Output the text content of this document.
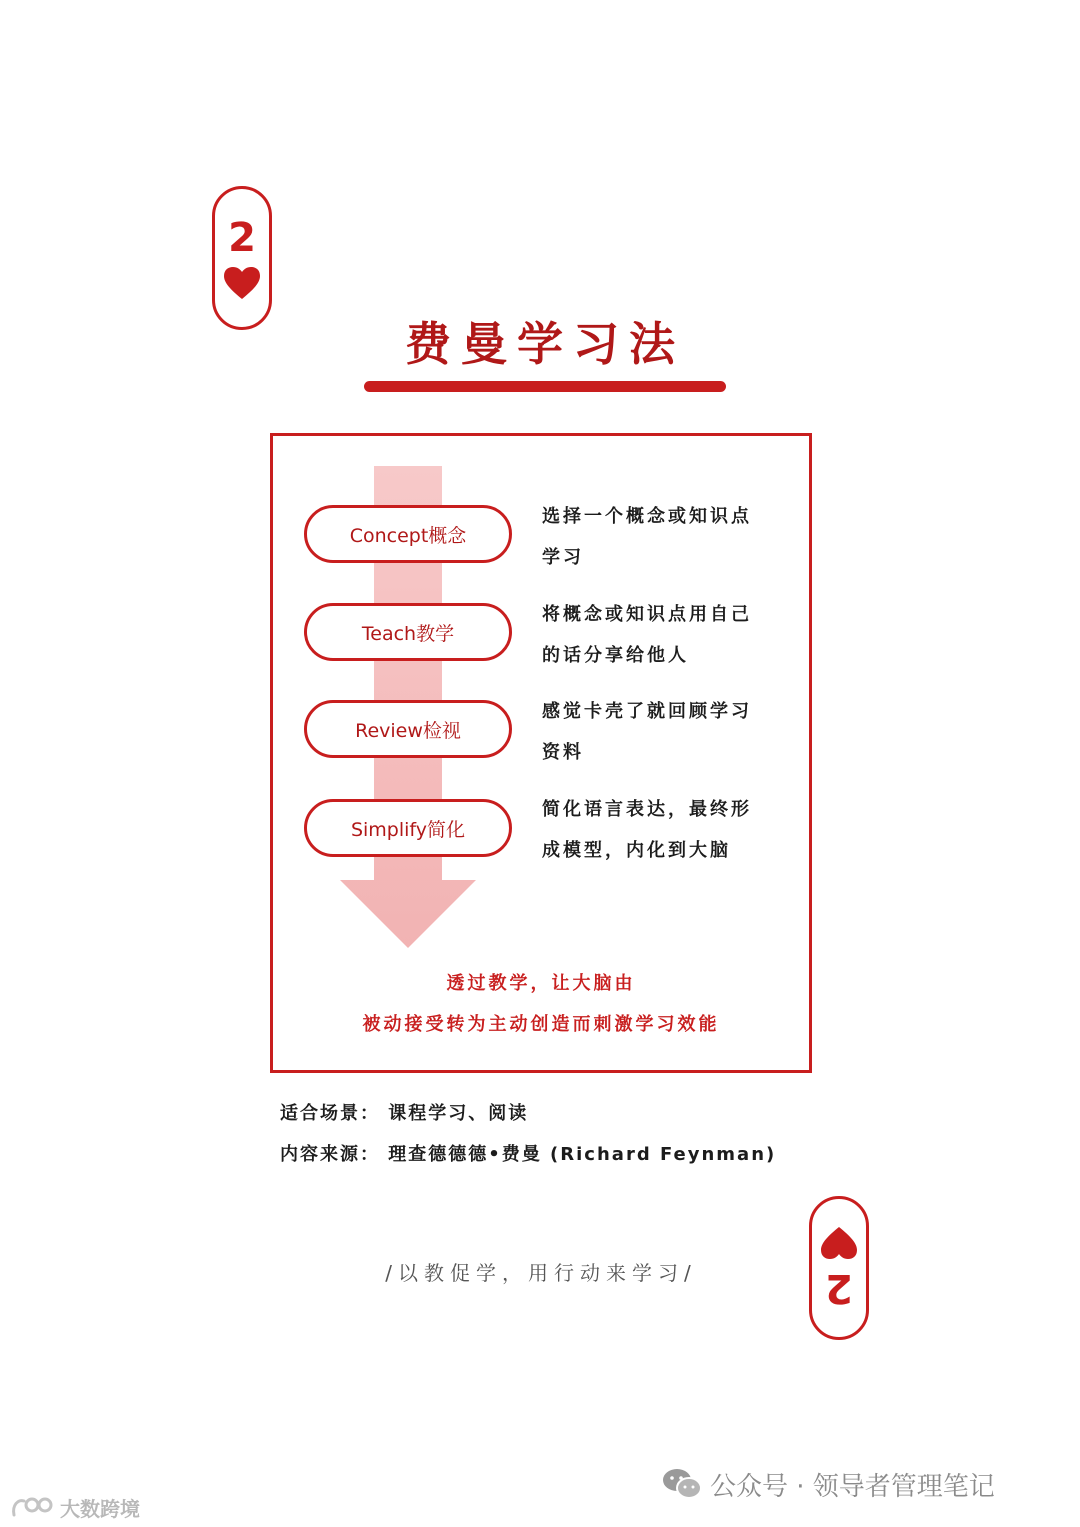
2
费曼学习法
Concept概念
选择一个概念或知识点
学习
Teach教学
将概念或知识点用自己
的话分享给他人
Review检视
感觉卡壳了就回顾学习
资料
Simplify简化
简化语言表达，最终形
成模型，内化到大脑
透过教学，让大脑由
被动接受转为主动创造而刺激学习效能
适合场景： 课程学习、阅读
内容来源： 理查德德德•费曼 (Richard Feynman)
/以教促学，用行动来学习/	2
公众号 · 领导者管理笔记
大数跨境
